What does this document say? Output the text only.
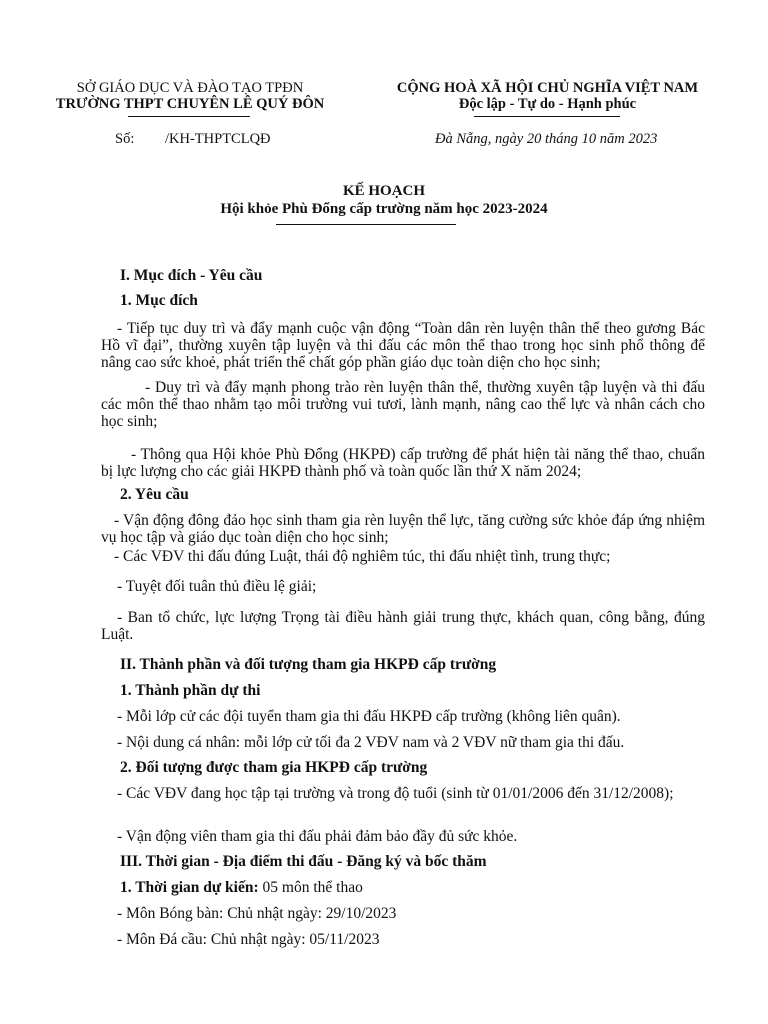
SỞ GIÁO DỤC VÀ ĐÀO TẠO TPĐN

TRƯỜNG THPT CHUYÊN LÊ QUÝ ĐÔN

CỘNG HOÀ XÃ HỘI CHỦ NGHĨA VIỆT NAM

Độc lập - Tự do - Hạnh phúc

Số: /KH-THPTCLQĐ	Đà Nẵng, ngày 20 tháng 10 năm 2023

KẾ HOẠCH

Hội khỏe Phù Đổng cấp trường năm học 2023-2024

I. Mục đích - Yêu cầu

1. Mục đích

- Tiếp tục duy trì và đẩy mạnh cuộc vận động “Toàn dân rèn luyện thân thể theo gương Bác Hồ vĩ đại”, thường xuyên tập luyện và thi đấu các môn thể thao trong học sinh phổ thông để nâng cao sức khoẻ, phát triển thể chất góp phần giáo dục toàn diện cho học sinh;

- Duy trì và đẩy mạnh phong trào rèn luyện thân thể, thường xuyên tập luyện và thi đấu các môn thể thao nhằm tạo môi trường vui tươi, lành mạnh, nâng cao thể lực và nhân cách cho học sinh;

- Thông qua Hội khỏe Phù Đổng (HKPĐ) cấp trường để phát hiện tài năng thể thao, chuẩn bị lực lượng cho các giải HKPĐ thành phố và toàn quốc lần thứ X năm 2024;

2. Yêu cầu

- Vận động đông đảo học sinh tham gia rèn luyện thể lực, tăng cường sức khỏe đáp ứng nhiệm vụ học tập và giáo dục toàn diện cho học sinh;

- Các VĐV thi đấu đúng Luật, thái độ nghiêm túc, thi đấu nhiệt tình, trung thực;

- Tuyệt đối tuân thủ điều lệ giải;

- Ban tổ chức, lực lượng Trọng tài điều hành giải trung thực, khách quan, công bằng, đúng Luật.

II. Thành phần và đối tượng tham gia HKPĐ cấp trường

1. Thành phần dự thi

- Mỗi lớp cử các đội tuyển tham gia thi đấu HKPĐ cấp trường (không liên quân).

- Nội dung cá nhân: mỗi lớp cử tối đa 2 VĐV nam và 2 VĐV nữ tham gia thi đấu.

2. Đối tượng được tham gia HKPĐ cấp trường

- Các VĐV đang học tập tại trường và trong độ tuổi (sinh từ 01/01/2006 đến 31/12/2008);

- Vận động viên tham gia thi đấu phải đảm bảo đầy đủ sức khỏe.

III. Thời gian - Địa điểm thi đấu - Đăng ký và bốc thăm

1. Thời gian dự kiến: 05 môn thể thao

- Môn Bóng bàn: Chủ nhật ngày: 29/10/2023

- Môn Đá cầu: Chủ nhật ngày: 05/11/2023
